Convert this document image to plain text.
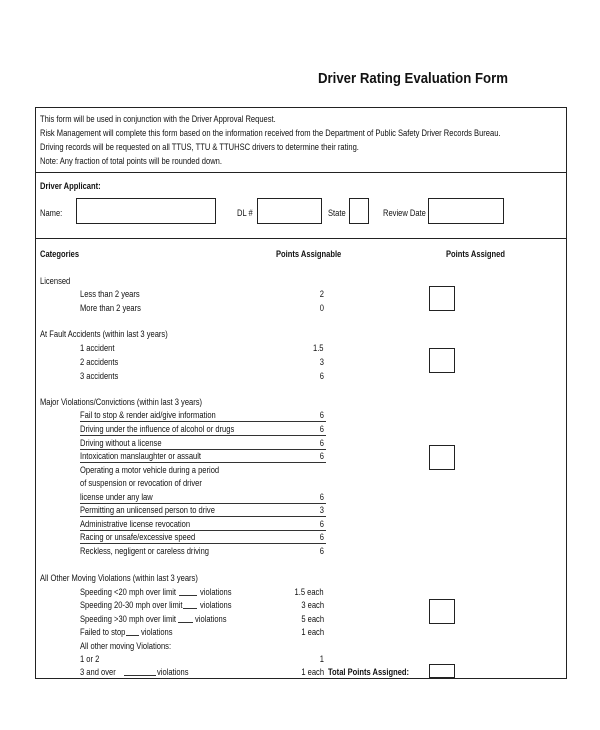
Driver Rating Evaluation Form
This form will be used in conjunction with the Driver Approval Request.
Risk Management will complete this form based on the information received from the Department of Public Safety Driver Records Bureau.
Driving records will be requested on all TTUS, TTU & TTUHSC drivers to determine their rating.
Note: Any fraction of total points will be rounded down.
Driver Applicant:
Name:	DL #	State	Review Date
Categories	Points Assignable	Points Assigned
Licensed
Less than 2 years	2
More than 2 years	0
At Fault Accidents (within last 3 years)
1 accident	1.5
2 accidents	3
3 accidents	6
Major Violations/Convictions (within last 3 years)
Fail to stop & render aid/give information	6
Driving under the influence of alcohol or drugs	6
Driving without a license	6
Intoxication manslaughter or assault	6
Operating a motor vehicle during a period
of suspension or revocation of driver
license under any law	6
Permitting an unlicensed person to drive	3
Administrative license revocation	6
Racing or unsafe/excessive speed	6
Reckless, negligent or careless driving	6
All Other Moving Violations (within last 3 years)
Speeding <20 mph over limit	violations	1.5 each
Speeding 20-30 mph over limit violations	3 each
Speeding >30 mph over limit violations	5 each
Failed to stop violations	1 each
All other moving Violations:
1 or 2	1
3 and over	violations	1 each Total Points Assigned:
